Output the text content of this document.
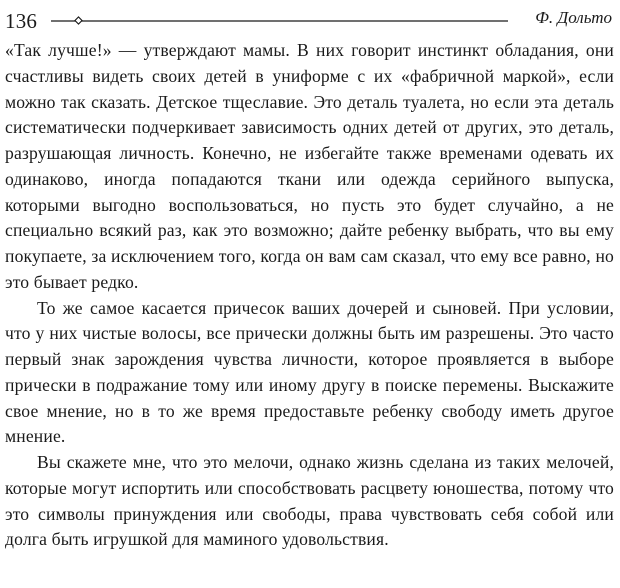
136	Ф. Дольто

«Так лучше!» — утверждают мамы. В них говорит инстинкт обладания, они счастливы видеть своих детей в униформе с их «фабричной маркой», если можно так сказать. Детское тщеславие. Это деталь туалета, но если эта деталь систематически подчеркивает зависимость одних детей от других, это деталь, разрушающая личность. Конечно, не избегайте также временами одевать их одинаково, иногда попадаются ткани или одежда серийного выпуска, которыми выгодно воспользоваться, но пусть это будет случайно, а не специально всякий раз, как это возможно; дайте ребенку выбрать, что вы ему покупаете, за исключением того, когда он вам сам сказал, что ему все равно, но это бывает редко.

То же самое касается причесок ваших дочерей и сыновей. При условии, что у них чистые волосы, все прически должны быть им разрешены. Это часто первый знак зарождения чувства личности, которое проявляется в выборе прически в подражание тому или иному другу в поиске перемены. Выскажите свое мнение, но в то же время предоставьте ребенку свободу иметь другое мнение.

Вы скажете мне, что это мелочи, однако жизнь сделана из таких мелочей, которые могут испортить или способствовать расцвету юношества, потому что это символы принуждения или свободы, права чувствовать себя собой или долга быть игрушкой для маминого удовольствия.
